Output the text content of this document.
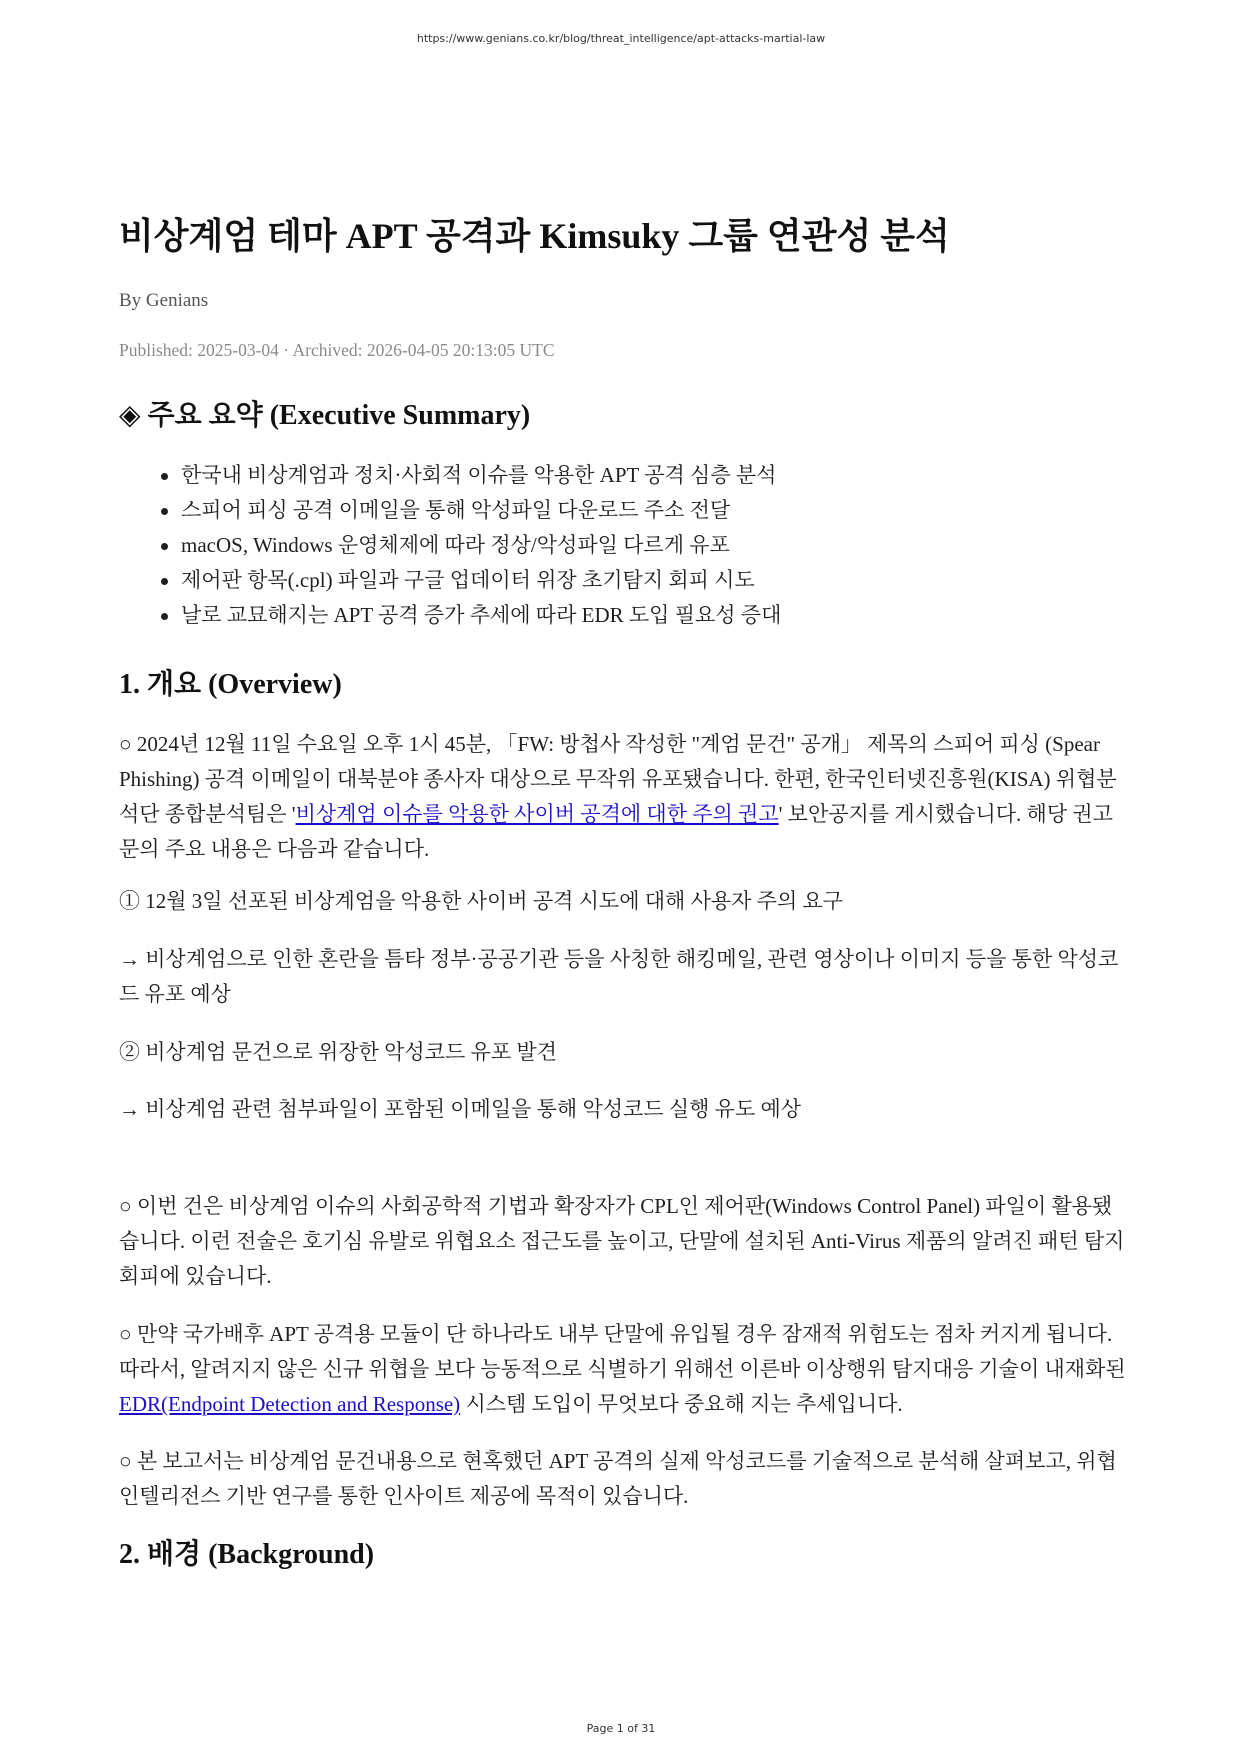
https://www.genians.co.kr/blog/threat_intelligence/apt-attacks-martial-law
비상계엄 테마 APT 공격과 Kimsuky 그룹 연관성 분석
By Genians
Published: 2025-03-04 · Archived: 2026-04-05 20:13:05 UTC
◈ 주요 요약 (Executive Summary)
한국내 비상계엄과 정치·사회적 이슈를 악용한 APT 공격 심층 분석
스피어 피싱 공격 이메일을 통해 악성파일 다운로드 주소 전달
macOS, Windows 운영체제에 따라 정상/악성파일 다르게 유포
제어판 항목(.cpl) 파일과 구글 업데이터 위장 초기탐지 회피 시도
날로 교묘해지는 APT 공격 증가 추세에 따라 EDR 도입 필요성 증대
1. 개요 (Overview)

○ 2024년 12월 11일 수요일 오후 1시 45분, 「FW: 방첩사 작성한 "계엄 문건" 공개」 제목의 스피어 피싱 (Spear Phishing) 공격 이메일이 대북분야 종사자 대상으로 무작위 유포됐습니다. 한편, 한국인터넷진흥원(KISA) 위협분석단 종합분석팀은 '비상계엄 이슈를 악용한 사이버 공격에 대한 주의 권고' 보안공지를 게시했습니다. 해당 권고문의 주요 내용은 다음과 같습니다.

① 12월 3일 선포된 비상계엄을 악용한 사이버 공격 시도에 대해 사용자 주의 요구

→ 비상계엄으로 인한 혼란을 틈타 정부·공공기관 등을 사칭한 해킹메일, 관련 영상이나 이미지 등을 통한 악성코드 유포 예상

② 비상계엄 문건으로 위장한 악성코드 유포 발견

→ 비상계엄 관련 첨부파일이 포함된 이메일을 통해 악성코드 실행 유도 예상

○ 이번 건은 비상계엄 이슈의 사회공학적 기법과 확장자가 CPL인 제어판(Windows Control Panel) 파일이 활용됐습니다. 이런 전술은 호기심 유발로 위협요소 접근도를 높이고, 단말에 설치된 Anti-Virus 제품의 알려진 패턴 탐지 회피에 있습니다.

○ 만약 국가배후 APT 공격용 모듈이 단 하나라도 내부 단말에 유입될 경우 잠재적 위험도는 점차 커지게 됩니다. 따라서, 알려지지 않은 신규 위협을 보다 능동적으로 식별하기 위해선 이른바 이상행위 탐지대응 기술이 내재화된 EDR(Endpoint Detection and Response) 시스템 도입이 무엇보다 중요해 지는 추세입니다.

○ 본 보고서는 비상계엄 문건내용으로 현혹했던 APT 공격의 실제 악성코드를 기술적으로 분석해 살펴보고, 위협 인텔리전스 기반 연구를 통한 인사이트 제공에 목적이 있습니다.

2. 배경 (Background)
Page 1 of 31
